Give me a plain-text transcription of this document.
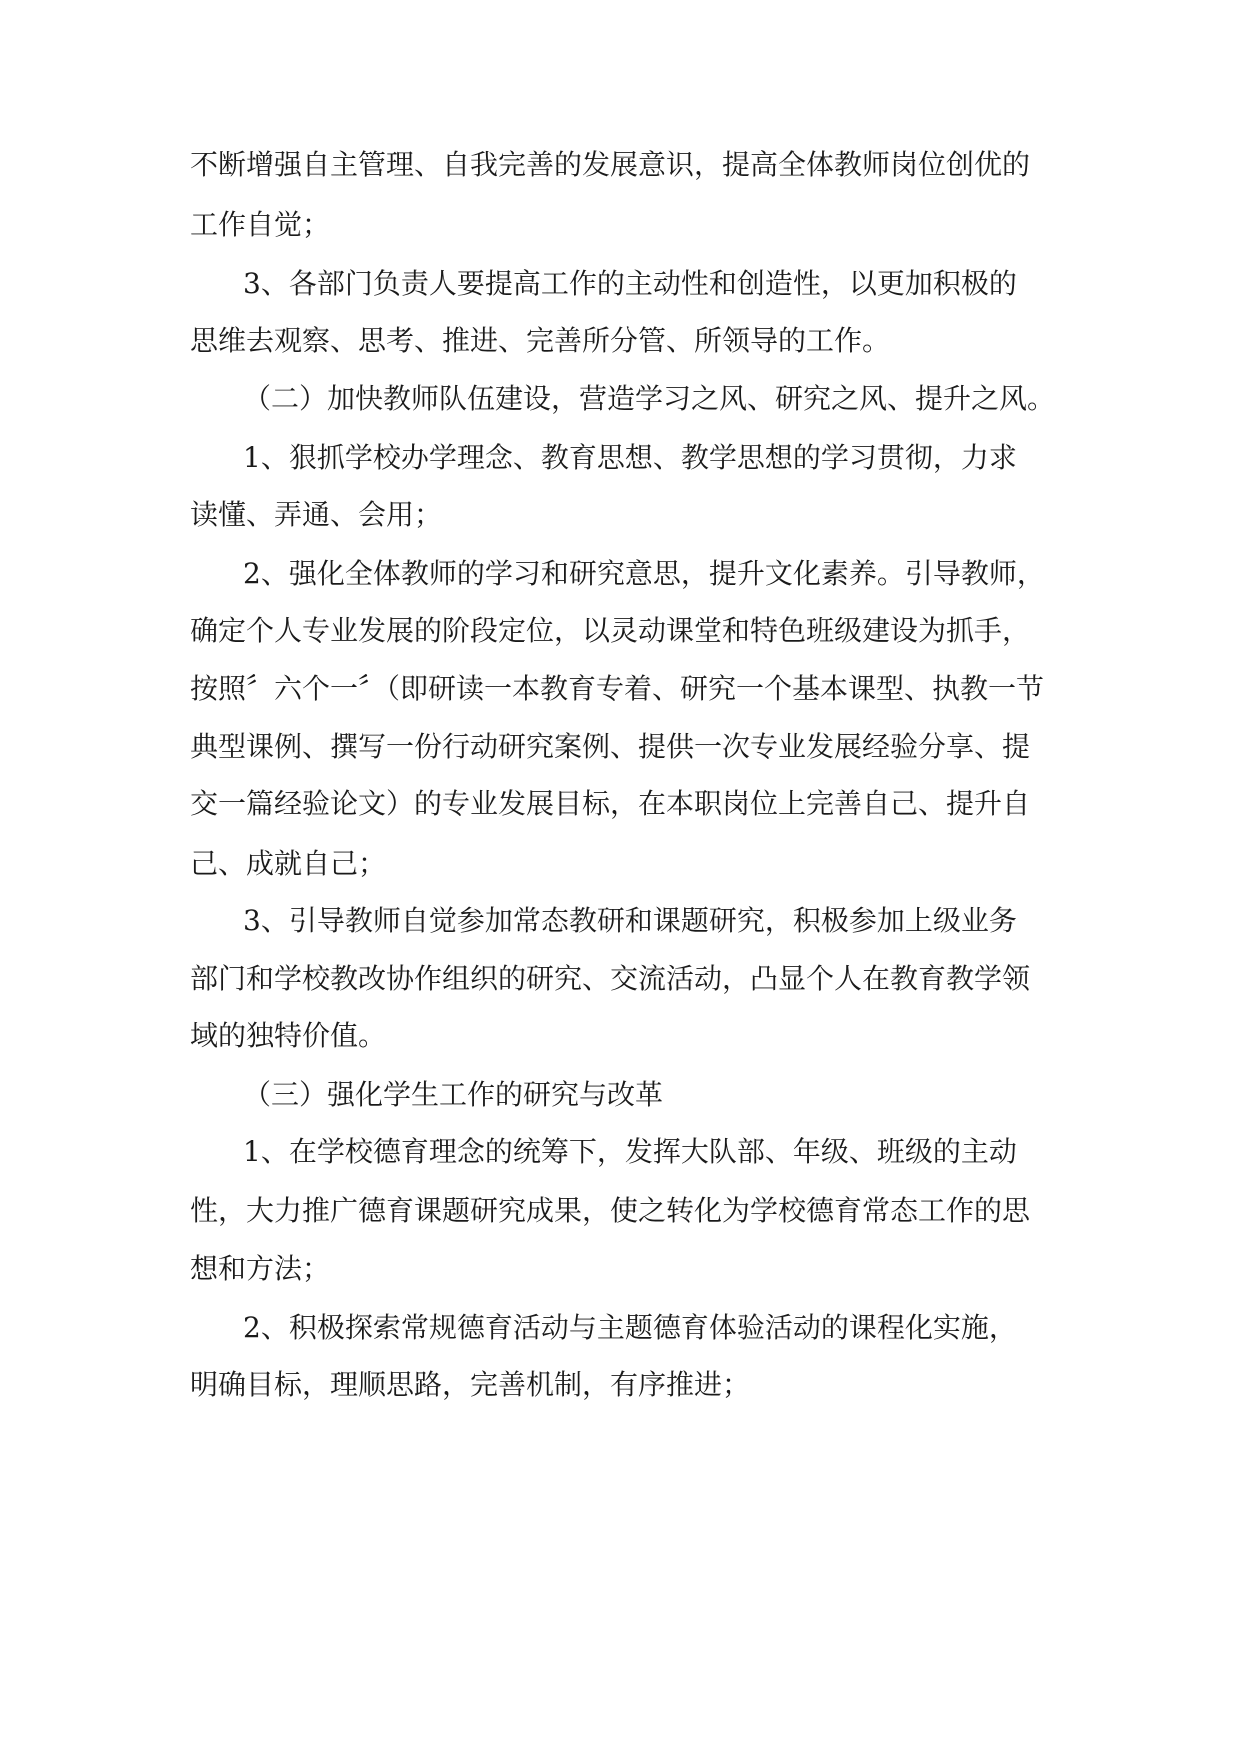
不断增强自主管理、自我完善的发展意识，提高全体教师岗位创优的
工作自觉；
3、各部门负责人要提高工作的主动性和创造性，以更加积极的
思维去观察、思考、推进、完善所分管、所领导的工作。
（二）加快教师队伍建设，营造学习之风、研究之风、提升之风。
1、狠抓学校办学理念、教育思想、教学思想的学习贯彻，力求
读懂、弄通、会用；
2、强化全体教师的学习和研究意思，提升文化素养。引导教师，
确定个人专业发展的阶段定位，以灵动课堂和特色班级建设为抓手，
按照〞六个一〞（即研读一本教育专着、研究一个基本课型、执教一节
典型课例、撰写一份行动研究案例、提供一次专业发展经验分享、提
交一篇经验论文）的专业发展目标，在本职岗位上完善自己、提升自
己、成就自己；
3、引导教师自觉参加常态教研和课题研究，积极参加上级业务
部门和学校教改协作组织的研究、交流活动，凸显个人在教育教学领
域的独特价值。
（三）强化学生工作的研究与改革
1、在学校德育理念的统筹下，发挥大队部、年级、班级的主动
性，大力推广德育课题研究成果，使之转化为学校德育常态工作的思
想和方法；
2、积极探索常规德育活动与主题德育体验活动的课程化实施，
明确目标，理顺思路，完善机制，有序推进；
